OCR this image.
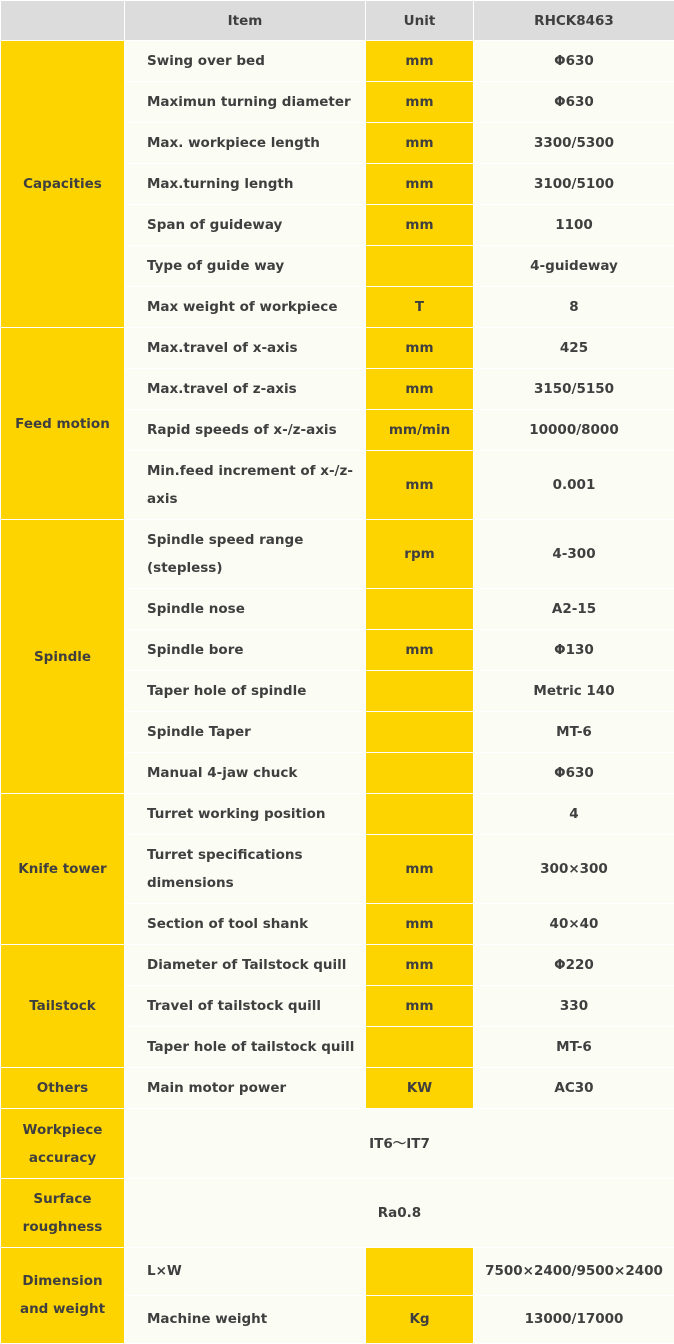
	Item	Unit	RHCK8463
Capacities	Swing over bed	mm	Φ630
	Maximun turning diameter	mm	Φ630
	Max. workpiece length	mm	3300/5300
	Max.turning length	mm	3100/5100
	Span of guideway	mm	1100
	Type of guide way		4-guideway
	Max weight of workpiece	T	8
Feed motion	Max.travel of x-axis	mm	425
	Max.travel of z-axis	mm	3150/5150
	Rapid speeds of x-/z-axis	mm/min	10000/8000
	Min.feed increment of x-/z-axis	mm	0.001
Spindle	Spindle speed range (stepless)	rpm	4-300
	Spindle nose		A2-15
	Spindle bore	mm	Φ130
	Taper hole of spindle		Metric 140
	Spindle Taper		MT-6
	Manual 4-jaw chuck		Φ630
Knife tower	Turret working position		4
	Turret specifications dimensions	mm	300×300
	Section of tool shank	mm	40×40
Tailstock	Diameter of Tailstock quill	mm	Φ220
	Travel of tailstock quill	mm	330
	Taper hole of tailstock quill		MT-6
Others	Main motor power	KW	AC30
Workpiece accuracy	IT6～IT7		
Surface roughness	Ra0.8		
Dimension and weight	L×W		7500×2400/9500×2400
	Machine weight	Kg	13000/17000
